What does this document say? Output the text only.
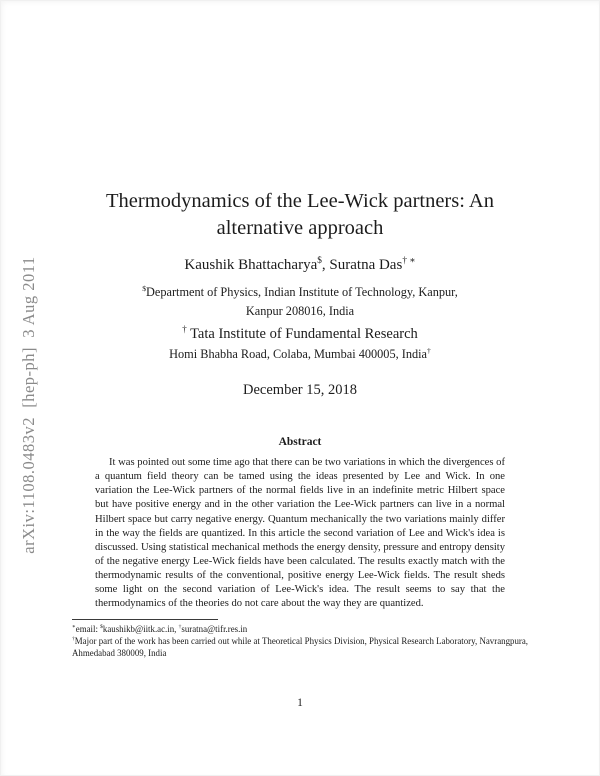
arXiv:1108.0483v2  [hep-ph]  3 Aug 2011
Thermodynamics of the Lee-Wick partners: An
alternative approach
Kaushik Bhattacharya$, Suratna Das† ∗
$Department of Physics, Indian Institute of Technology, Kanpur,
Kanpur 208016, India
† Tata Institute of Fundamental Research
Homi Bhabha Road, Colaba, Mumbai 400005, India†
December 15, 2018
Abstract

It was pointed out some time ago that there can be two variations in which the divergences of a quantum field theory can be tamed using the ideas presented by Lee and Wick. In one variation the Lee-Wick partners of the normal fields live in an indefinite metric Hilbert space but have positive energy and in the other variation the Lee-Wick partners can live in a normal Hilbert space but carry negative energy. Quantum mechanically the two variations mainly differ in the way the fields are quantized. In this article the second variation of Lee and Wick's idea is discussed. Using statistical mechanical methods the energy density, pressure and entropy density of the negative energy Lee-Wick fields have been calculated. The results exactly match with the thermodynamic results of the conventional, positive energy Lee-Wick fields. The result sheds some light on the second variation of Lee-Wick's idea. The result seems to say that the thermodynamics of the theories do not care about the way they are quantized.

∗email: $kaushikb@iitk.ac.in, †suratna@tifr.res.in

†Major part of the work has been carried out while at Theoretical Physics Division, Physical Research Laboratory, Navrangpura, Ahmedabad 380009, India

1
